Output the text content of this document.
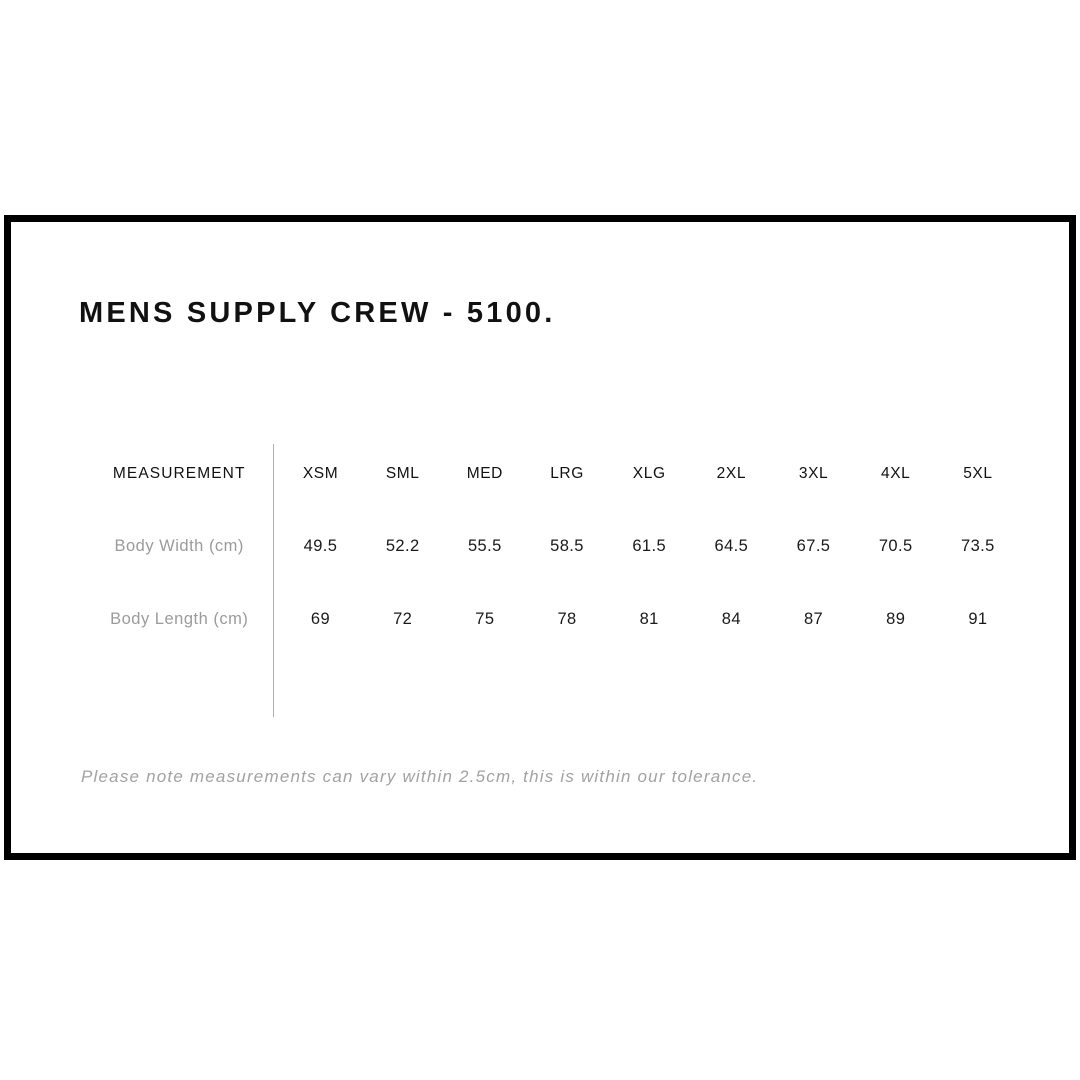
MENS SUPPLY CREW - 5100.
MEASUREMENT	XSM	SML	MED	LRG	XLG	2XL	3XL	4XL	5XL
Body Width (cm)	49.5	52.2	55.5	58.5	61.5	64.5	67.5	70.5	73.5
Body Length (cm)	69	72	75	78	81	84	87	89	91
Please note measurements can vary within 2.5cm, this is within our tolerance.
